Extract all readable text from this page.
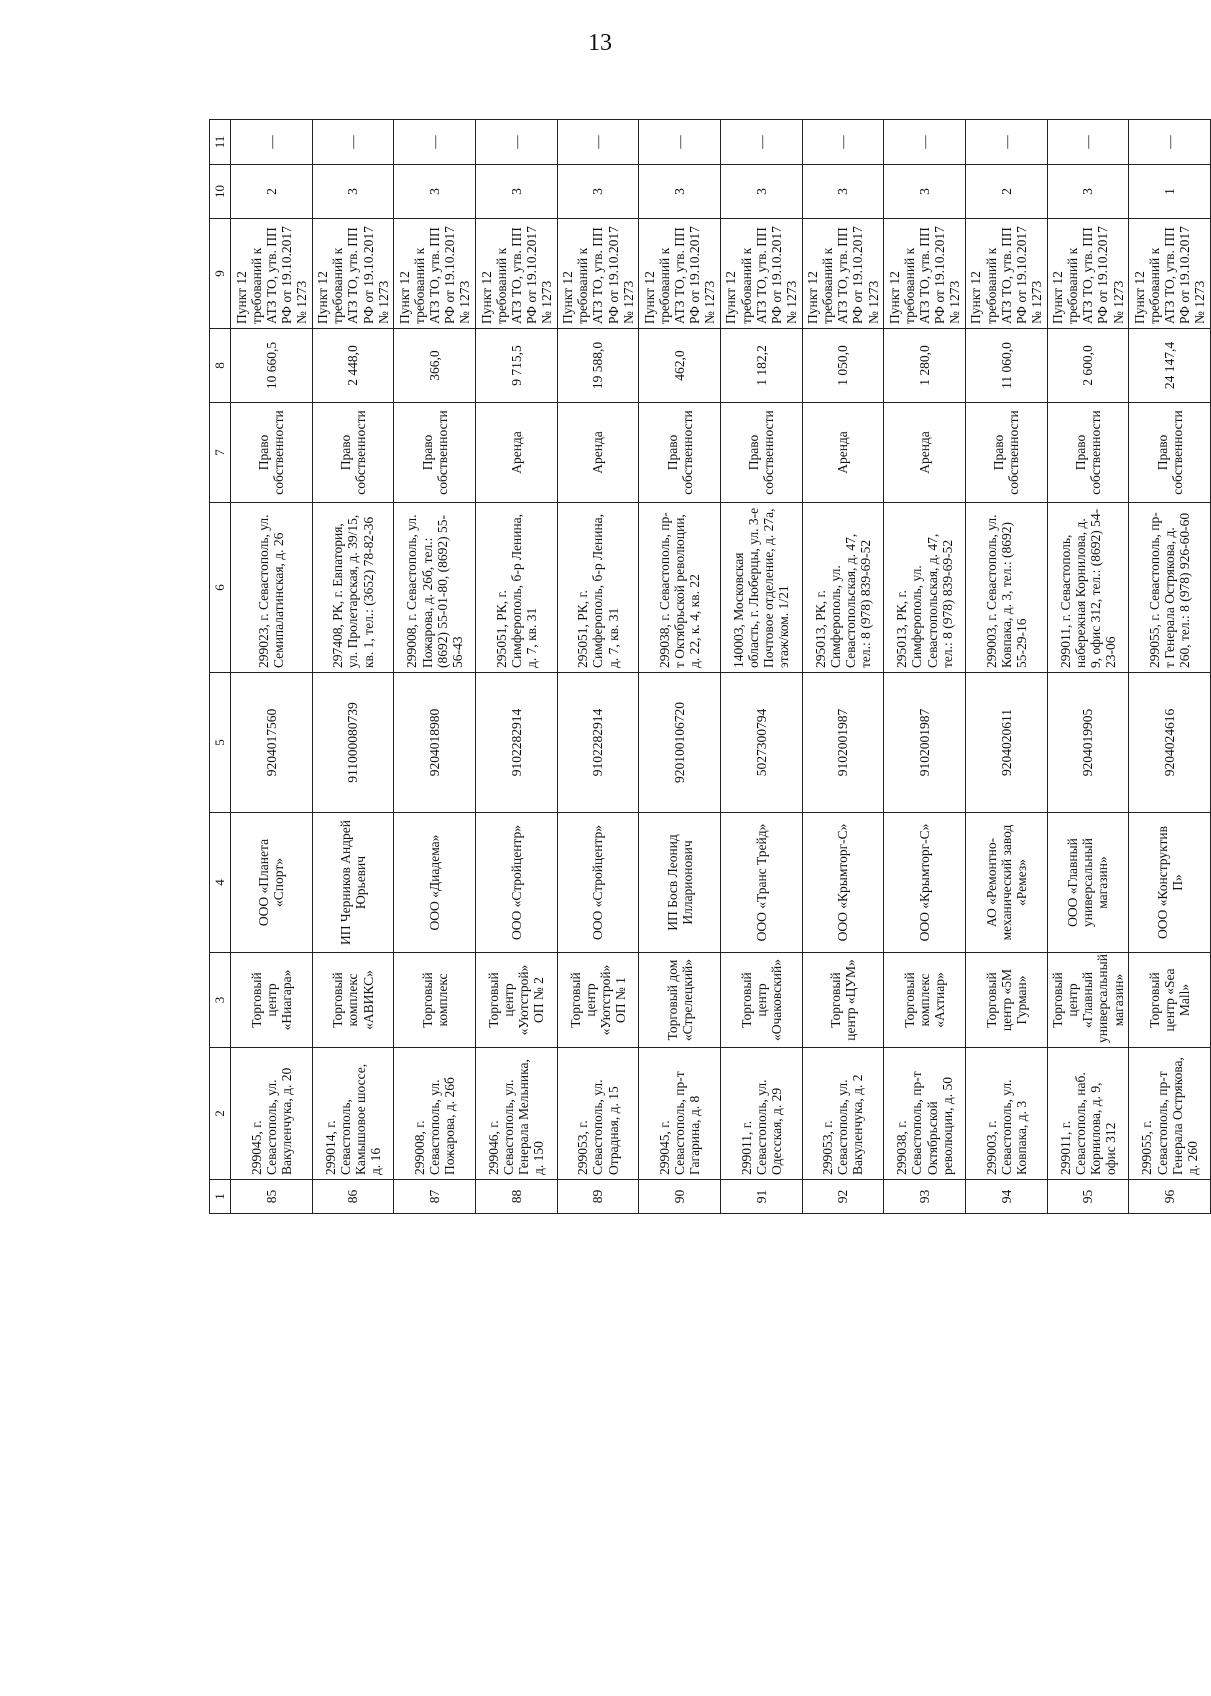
13
1	2	3	4	5	6	7	8	9	10	11
85	299045, г. Севастополь, ул. Вакуленчука, д. 20	Торговый центр «Ниагара»	ООО «Планета «Спорт»	9204017560	299023, г. Севастополь, ул. Семипалатинская, д. 26	Право собственности	10 660,5	Пункт 12 требований к АТЗ ТО, утв. ПП РФ от 19.10.2017 № 1273	2	—
86	299014, г. Севастополь, Камышовое шоссе, д. 16	Торговый комплекс «АВИКС»	ИП Черников Андрей Юрьевич	911000080739	297408, РК, г. Евпатория, ул. Пролетарская, д. 39/15, кв. 1, тел.: (3652) 78-82-36	Право собственности	2 448,0	Пункт 12 требований к АТЗ ТО, утв. ПП РФ от 19.10.2017 № 1273	3	—
87	299008, г. Севастополь, ул. Пожарова, д. 26б	Торговый комплекс	ООО «Диадема»	9204018980	299008, г. Севастополь, ул. Пожарова, д. 26б, тел.: (8692) 55-01-80, (8692) 55-56-43	Право собственности	366,0	Пункт 12 требований к АТЗ ТО, утв. ПП РФ от 19.10.2017 № 1273	3	—
88	299046, г. Севастополь, ул. Генерала Мельника, д. 150	Торговый центр «Уютстрой» ОП № 2	ООО «Стройцентр»	9102282914	295051, РК, г. Симферополь, б-р Ленина, д. 7, кв. 31	Аренда	9 715,5	Пункт 12 требований к АТЗ ТО, утв. ПП РФ от 19.10.2017 № 1273	3	—
89	299053, г. Севастополь, ул. Отрадная, д. 15	Торговый центр «Уютстрой» ОП № 1	ООО «Стройцентр»	9102282914	295051, РК, г. Симферополь, б-р Ленина, д. 7, кв. 31	Аренда	19 588,0	Пункт 12 требований к АТЗ ТО, утв. ПП РФ от 19.10.2017 № 1273	3	—
90	299045, г. Севастополь, пр-т Гагарина, д. 8	Торговый дом «Стрелецкий»	ИП Босв Леонид Илларионович	920100106720	299038, г. Севастополь, пр-т Октябрьской революции, д. 22, к. 4, кв. 22	Право собственности	462,0	Пункт 12 требований к АТЗ ТО, утв. ПП РФ от 19.10.2017 № 1273	3	—
91	299011, г. Севастополь, ул. Одесская, д. 29	Торговый центр «Очаковский»	ООО «Транс Трейд»	5027300794	140003, Московская область, г. Люберцы, ул. 3-е Почтовое отделение, д. 27а, этаж/ком. 1/21	Право собственности	1 182,2	Пункт 12 требований к АТЗ ТО, утв. ПП РФ от 19.10.2017 № 1273	3	—
92	299053, г. Севастополь, ул. Вакуленчука, д. 2	Торговый центр «ЦУМ»	ООО «Крымторг-С»	9102001987	295013, РК, г. Симферополь, ул. Севастопольская, д. 47, тел.: 8 (978) 839-69-52	Аренда	1 050,0	Пункт 12 требований к АТЗ ТО, утв. ПП РФ от 19.10.2017 № 1273	3	—
93	299038, г. Севастополь, пр-т Октябрьской революции, д. 50	Торговый комплекс «Ахтиар»	ООО «Крымторг-С»	9102001987	295013, РК, г. Симферополь, ул. Севастопольская, д. 47, тел.: 8 (978) 839-69-52	Аренда	1 280,0	Пункт 12 требований к АТЗ ТО, утв. ПП РФ от 19.10.2017 № 1273	3	—
94	299003, г. Севастополь, ул. Ковпака, д. 3	Торговый центр «5М Гурман»	АО «Ремонтно-механический завод «Ремез»	9204020611	299003, г. Севастополь, ул. Ковпака, д. 3, тел.: (8692) 55-29-16	Право собственности	11 060,0	Пункт 12 требований к АТЗ ТО, утв. ПП РФ от 19.10.2017 № 1273	2	—
95	299011, г. Севастополь, наб. Корнилова, д. 9, офис 312	Торговый центр «Главный универсальный магазин»	ООО «Главный универсальный магазин»	9204019905	299011, г. Севастополь, набережная Корнилова, д. 9, офис 312, тел.: (8692) 54-23-06	Право собственности	2 600,0	Пункт 12 требований к АТЗ ТО, утв. ПП РФ от 19.10.2017 № 1273	3	—
96	299055, г. Севастополь, пр-т Генерала Острякова, д. 260	Торговый центр «Sea Mall»	ООО «Конструктив П»	9204024616	299055, г. Севастополь, пр-т Генерала Острякова, д. 260, тел.: 8 (978) 926-60-60	Право собственности	24 147,4	Пункт 12 требований к АТЗ ТО, утв. ПП РФ от 19.10.2017 № 1273	1	—
